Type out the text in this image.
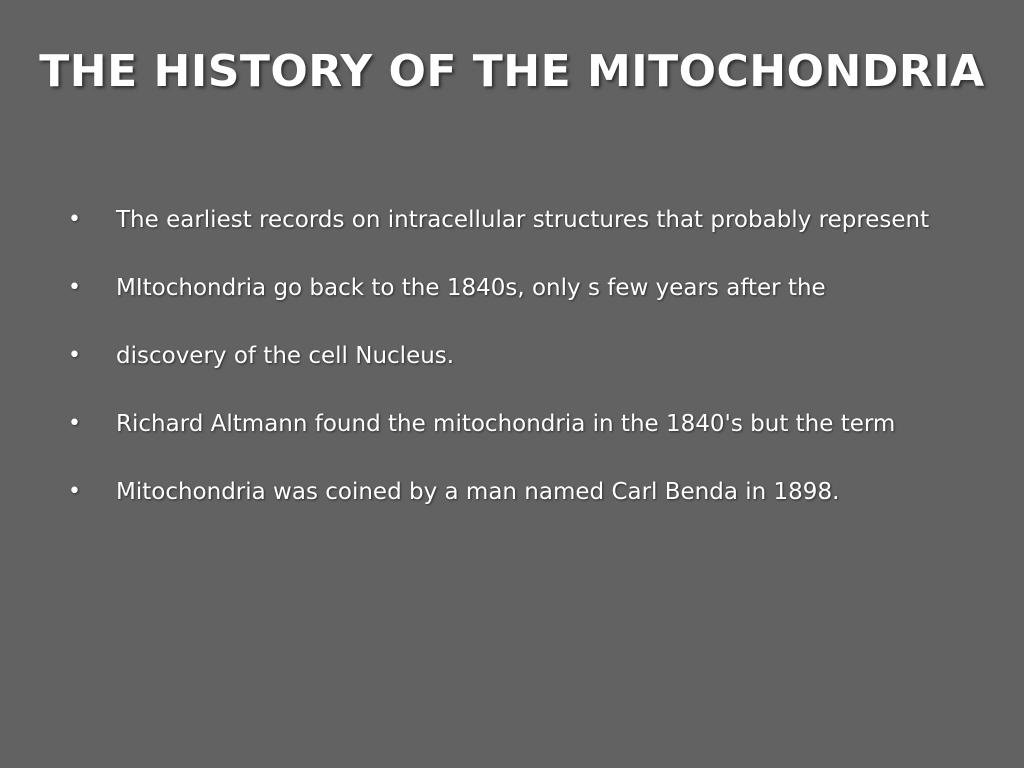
THE HISTORY OF THE MITOCHONDRIA
• The earliest records on intracellular structures that probably represent
• MItochondria go back to the 1840s, only s few years after the
• discovery of the cell Nucleus.
• Richard Altmann found the mitochondria in the 1840's but the term
• Mitochondria was coined by a man named Carl Benda in 1898.
